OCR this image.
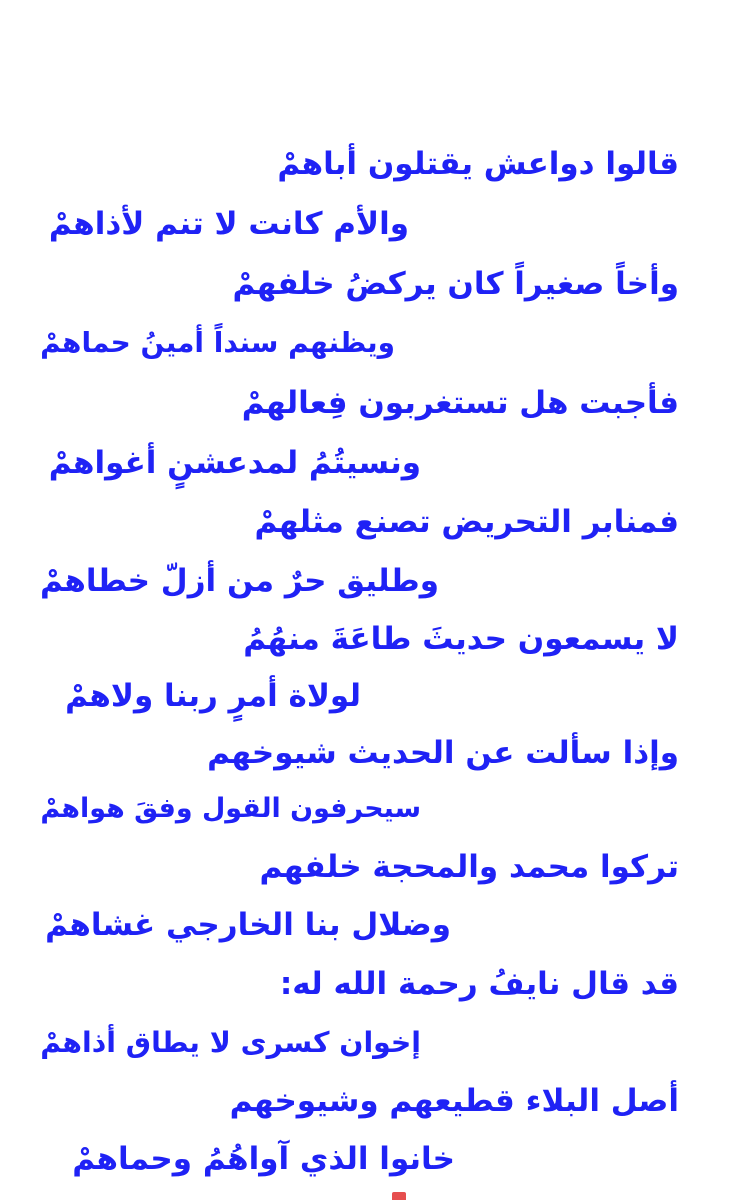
قالوا دواعش يقتلون أباهمْ
والأم كانت لا تنم لأذاهمْ
وأخاً صغيراً كان يركضُ خلفهمْ
ويظنهم سنداً أمينُ حماهمْ
فأجبت هل تستغربون فِعالهمْ
ونسيتُمُ لمدعشنٍ أغواهمْ
فمنابر التحريض تصنع مثلهمْ
وطليق حرٌ من أزلّ خطاهمْ
لا يسمعون حديثَ طاعَةَ منهُمُ
لولاة أمرٍ ربنا ولاهمْ
وإذا سألت عن الحديث شيوخهم
سيحرفون القول وفقَ هواهمْ
تركوا محمد والمحجة خلفهم
وضلال بنا الخارجي غشاهمْ
قد قال نايفُ رحمة الله له:
إخوان كسرى لا يطاق أذاهمْ
أصل البلاء قطيعهم وشيوخهم
خانوا الذي آواهُمُ وحماهمْ
